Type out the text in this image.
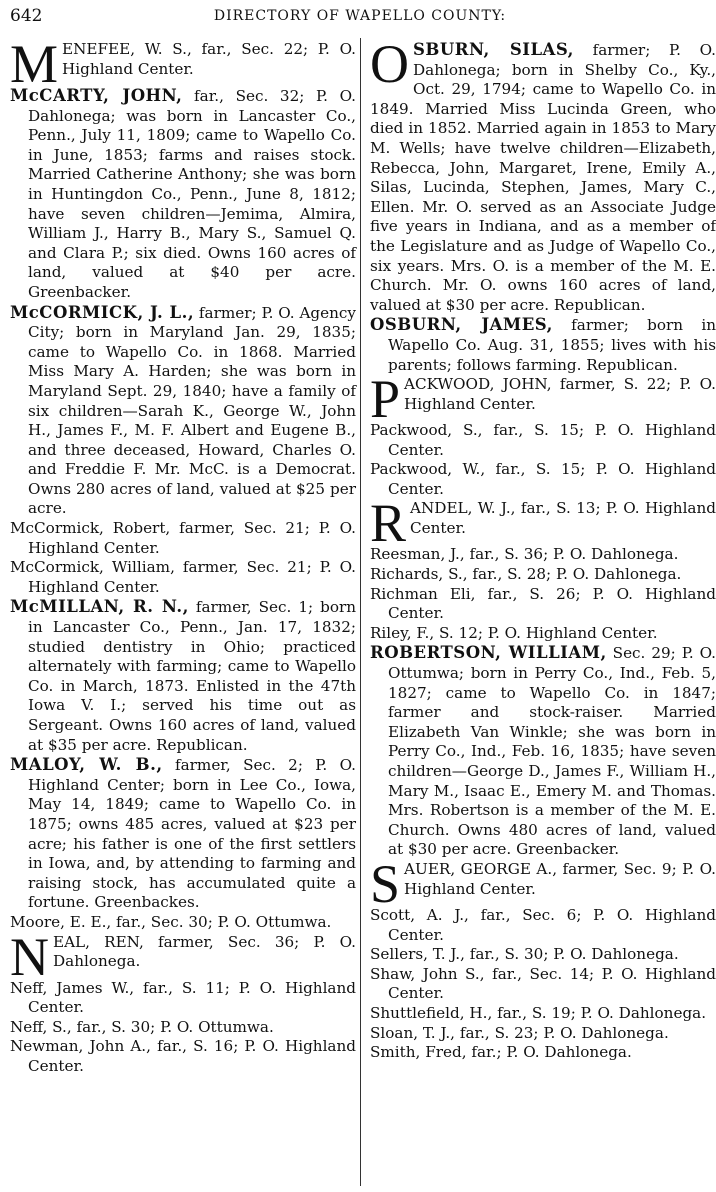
642	DIRECTORY OF WAPELLO COUNTY:

MENEFEE, W. S., far., Sec. 22; P. O. Highland Center.

McCARTY, JOHN, far., Sec. 32; P. O. Dahlonega; was born in Lancaster Co., Penn., July 11, 1809; came to Wapello Co. in June, 1853; farms and raises stock. Married Catherine Anthony; she was born in Huntingdon Co., Penn., June 8, 1812; have seven children—Jemima, Almira, William J., Harry B., Mary S., Samuel Q. and Clara P.; six died. Owns 160 acres of land, valued at $40 per acre. Greenbacker.

McCORMICK, J. L., farmer; P. O. Agency City; born in Maryland Jan. 29, 1835; came to Wapello Co. in 1868. Married Miss Mary A. Harden; she was born in Maryland Sept. 29, 1840; have a family of six children—Sarah K., George W., John H., James F., M. F. Albert and Eugene B., and three deceased, Howard, Charles O. and Freddie F. Mr. McC. is a Democrat. Owns 280 acres of land, valued at $25 per acre.

McCormick, Robert, farmer, Sec. 21; P. O. Highland Center.

McCormick, William, farmer, Sec. 21; P. O. Highland Center.

McMILLAN, R. N., farmer, Sec. 1; born in Lancaster Co., Penn., Jan. 17, 1832; studied dentistry in Ohio; practiced alternately with farming; came to Wapello Co. in March, 1873. Enlisted in the 47th Iowa V. I.; served his time out as Sergeant. Owns 160 acres of land, valued at $35 per acre. Republican.

MALOY, W. B., farmer, Sec. 2; P. O. Highland Center; born in Lee Co., Iowa, May 14, 1849; came to Wapello Co. in 1875; owns 485 acres, valued at $23 per acre; his father is one of the first settlers in Iowa, and, by attending to farming and raising stock, has accumulated quite a fortune. Greenbackes.

Moore, E. E., far., Sec. 30; P. O. Ottumwa.

NEAL, REN, farmer, Sec. 36; P. O. Dahlonega.

Neff, James W., far., S. 11; P. O. Highland Center.

Neff, S., far., S. 30; P. O. Ottumwa.

Newman, John A., far., S. 16; P. O. Highland Center.

OSBURN, SILAS, farmer; P. O. Dahlonega; born in Shelby Co., Ky., Oct. 29, 1794; came to Wapello Co. in 1849. Married Miss Lucinda Green, who died in 1852. Married again in 1853 to Mary M. Wells; have twelve children—Elizabeth, Rebecca, John, Margaret, Irene, Emily A., Silas, Lucinda, Stephen, James, Mary C., Ellen. Mr. O. served as an Associate Judge five years in Indiana, and as a member of the Legislature and as Judge of Wapello Co., six years. Mrs. O. is a member of the M. E. Church. Mr. O. owns 160 acres of land, valued at $30 per acre. Republican.

OSBURN, JAMES, farmer; born in Wapello Co. Aug. 31, 1855; lives with his parents; follows farming. Republican.

PACKWOOD, JOHN, farmer, S. 22; P. O. Highland Center.

Packwood, S., far., S. 15; P. O. Highland Center.

Packwood, W., far., S. 15; P. O. Highland Center.

RANDEL, W. J., far., S. 13; P. O. Highland Center.

Reesman, J., far., S. 36; P. O. Dahlonega.

Richards, S., far., S. 28; P. O. Dahlonega.

Richman Eli, far., S. 26; P. O. Highland Center.

Riley, F., S. 12; P. O. Highland Center.

ROBERTSON, WILLIAM, Sec. 29; P. O. Ottumwa; born in Perry Co., Ind., Feb. 5, 1827; came to Wapello Co. in 1847; farmer and stock-raiser. Married Elizabeth Van Winkle; she was born in Perry Co., Ind., Feb. 16, 1835; have seven children—George D., James F., William H., Mary M., Isaac E., Emery M. and Thomas. Mrs. Robertson is a member of the M. E. Church. Owns 480 acres of land, valued at $30 per acre. Greenbacker.

SAUER, GEORGE A., farmer, Sec. 9; P. O. Highland Center.

Scott, A. J., far., Sec. 6; P. O. Highland Center.

Sellers, T. J., far., S. 30; P. O. Dahlonega.

Shaw, John S., far., Sec. 14; P. O. Highland Center.

Shuttlefield, H., far., S. 19; P. O. Dahlonega.

Sloan, T. J., far., S. 23; P. O. Dahlonega.

Smith, Fred, far.; P. O. Dahlonega.
